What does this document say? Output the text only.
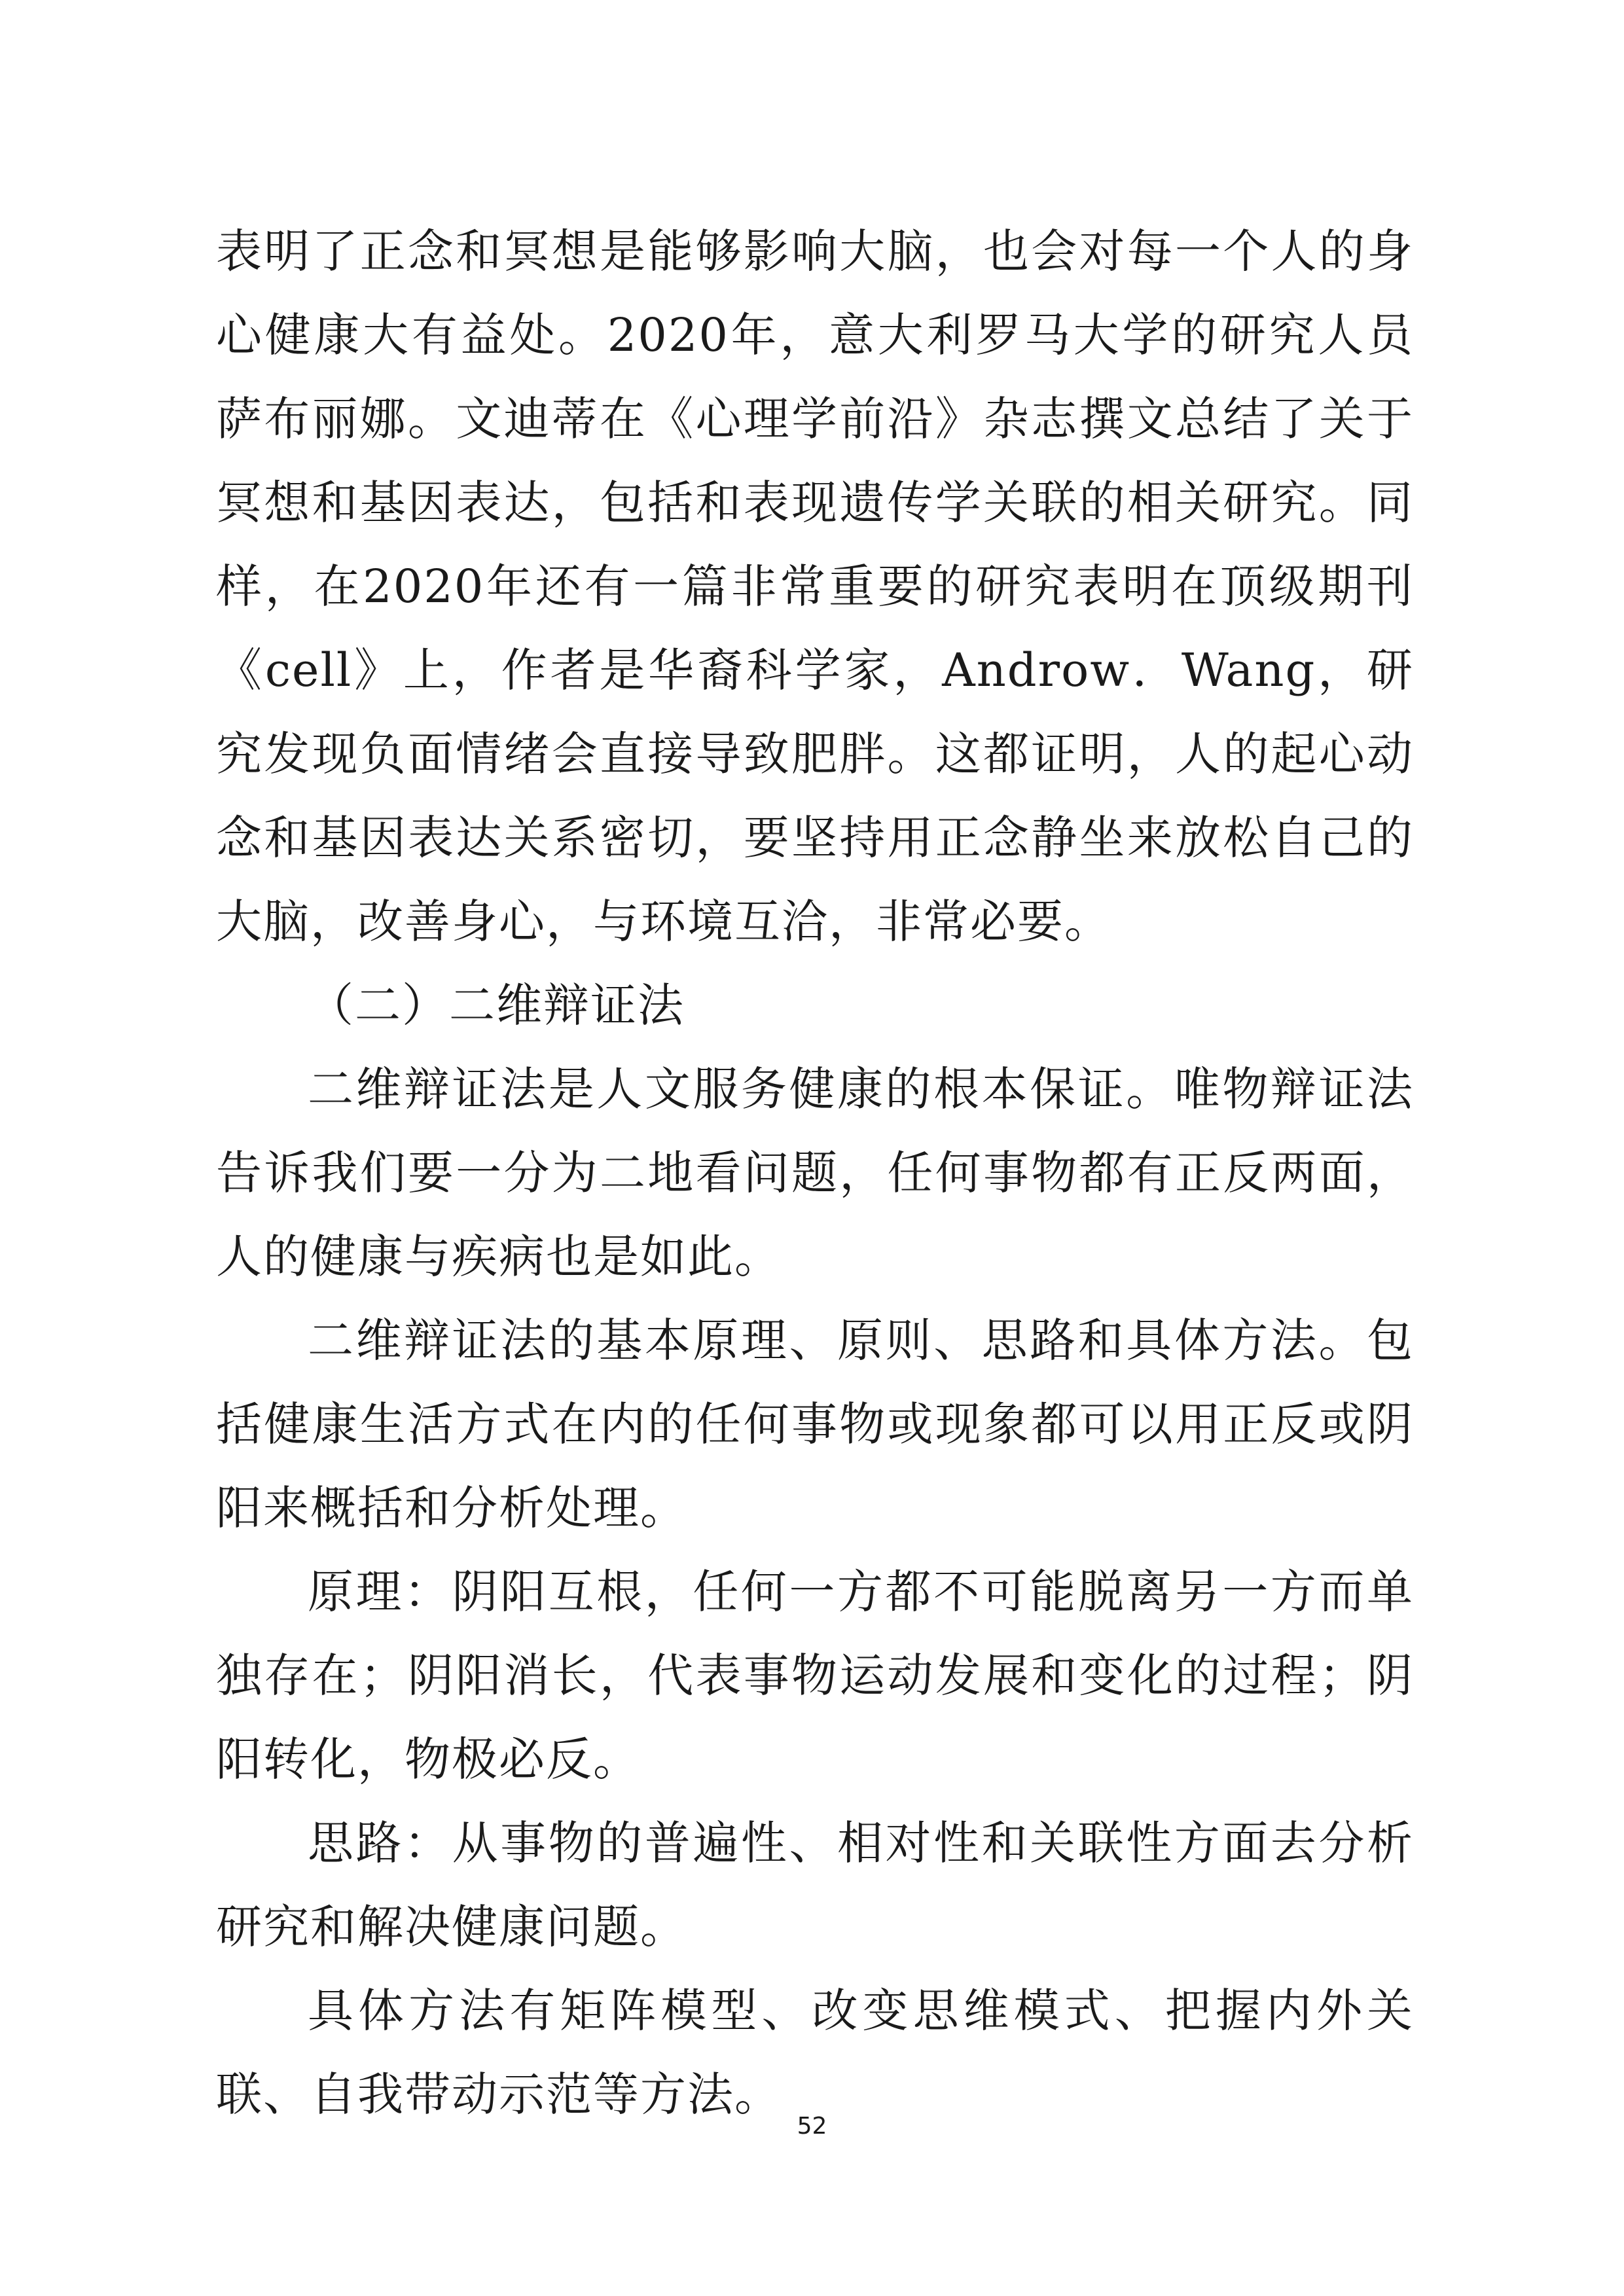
表明了正念和冥想是能够影响大脑，也会对每一个人的身心健康大有益处。2020年，意大利罗马大学的研究人员萨布丽娜。文迪蒂在《心理学前沿》杂志撰文总结了关于冥想和基因表达，包括和表现遗传学关联的相关研究。同样，在2020年还有一篇非常重要的研究表明在顶级期刊《cell》上，作者是华裔科学家，Androw．Wang，研究发现负面情绪会直接导致肥胖。这都证明，人的起心动念和基因表达关系密切，要坚持用正念静坐来放松自己的大脑，改善身心，与环境互洽，非常必要。

（二）二维辩证法

二维辩证法是人文服务健康的根本保证。唯物辩证法告诉我们要一分为二地看问题，任何事物都有正反两面，人的健康与疾病也是如此。

二维辩证法的基本原理、原则、思路和具体方法。包括健康生活方式在内的任何事物或现象都可以用正反或阴阳来概括和分析处理。

原理：阴阳互根，任何一方都不可能脱离另一方而单独存在；阴阳消长，代表事物运动发展和变化的过程；阴阳转化，物极必反。

思路：从事物的普遍性、相对性和关联性方面去分析研究和解决健康问题。

具体方法有矩阵模型、改变思维模式、把握内外关联、自我带动示范等方法。

52
